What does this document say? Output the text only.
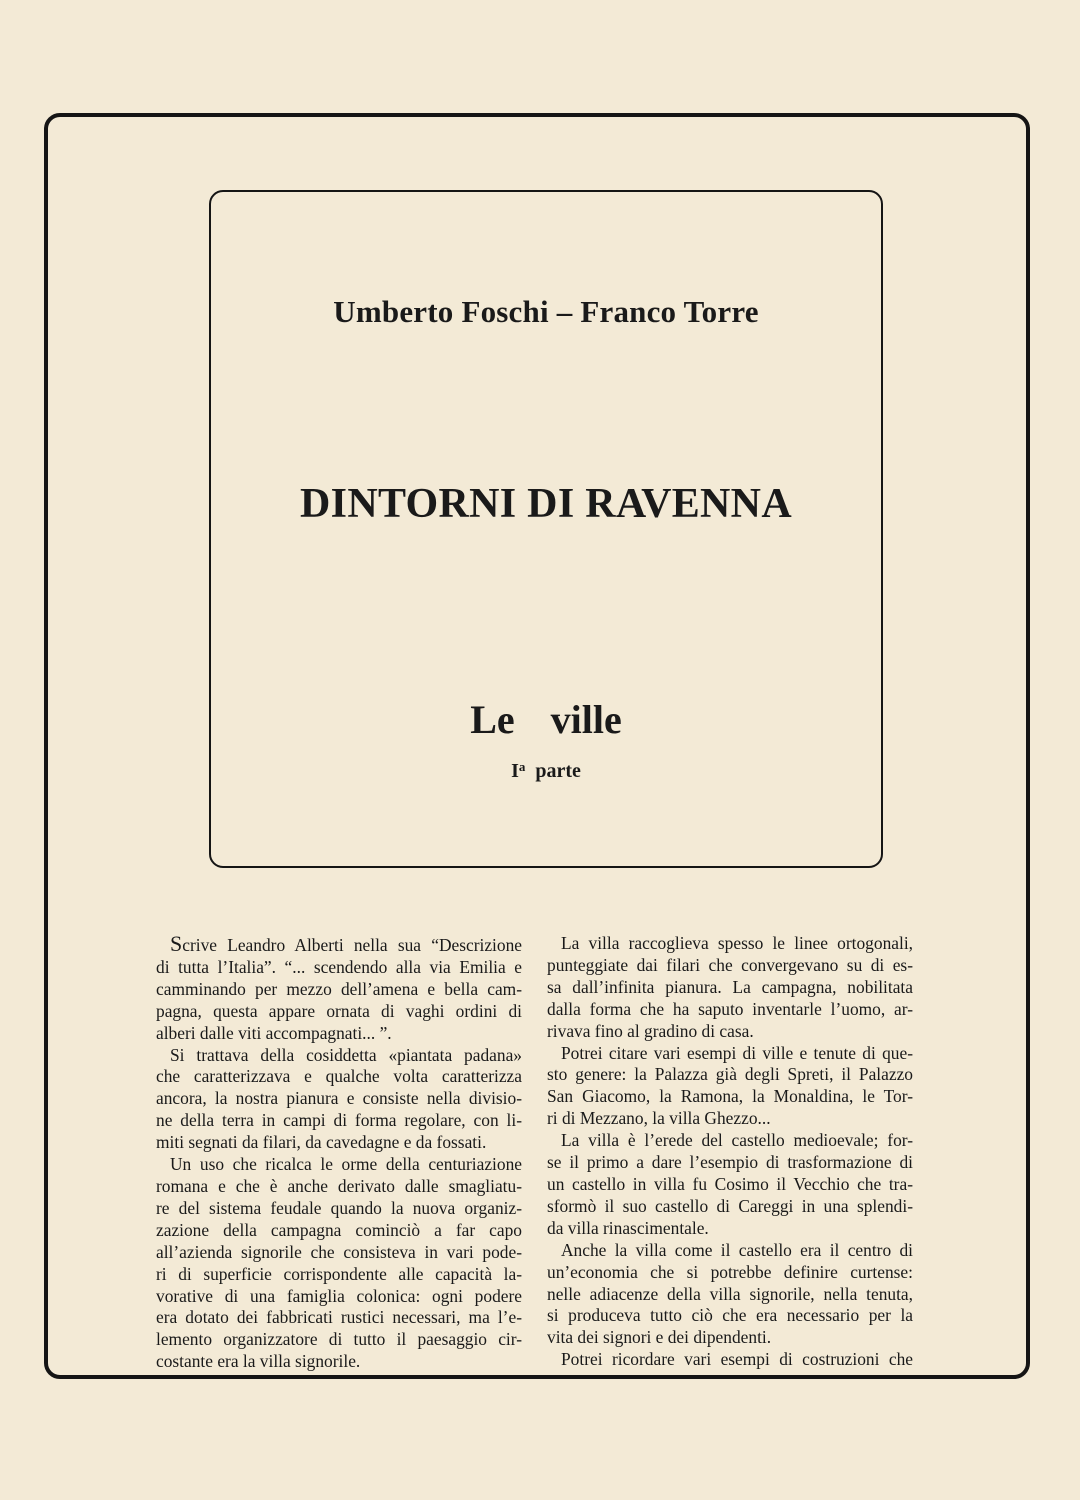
Umberto Foschi – Franco Torre
DINTORNI DI RAVENNA
Le  ville
$I^a$ parte
Scrive Leandro Alberti nella sua “Descrizione
di tutta l’Italia”. “... scendendo alla via Emilia e
camminando per mezzo dell’amena e bella cam-
pagna, questa appare ornata di vaghi ordini di
alberi dalle viti accompagnati... ”.
Si trattava della cosiddetta «piantata padana»
che caratterizzava e qualche volta caratterizza
ancora, la nostra pianura e consiste nella divisio-
ne della terra in campi di forma regolare, con li-
miti segnati da filari, da cavedagne e da fossati.
Un uso che ricalca le orme della centuriazione
romana e che è anche derivato dalle smagliatu-
re del sistema feudale quando la nuova organiz-
zazione della campagna cominciò a far capo
all’azienda signorile che consisteva in vari pode-
ri di superficie corrispondente alle capacità la-
vorative di una famiglia colonica: ogni podere
era dotato dei fabbricati rustici necessari, ma l’e-
lemento organizzatore di tutto il paesaggio cir-
costante era la villa signorile.
La villa raccoglieva spesso le linee ortogonali,
punteggiate dai filari che convergevano su di es-
sa dall’infinita pianura. La campagna, nobilitata
dalla forma che ha saputo inventarle l’uomo, ar-
rivava fino al gradino di casa.
Potrei citare vari esempi di ville e tenute di que-
sto genere: la Palazza già degli Spreti, il Palazzo
San Giacomo, la Ramona, la Monaldina, le Tor-
ri di Mezzano, la villa Ghezzo...
La villa è l’erede del castello medioevale; for-
se il primo a dare l’esempio di trasformazione di
un castello in villa fu Cosimo il Vecchio che tra-
sformò il suo castello di Careggi in una splendi-
da villa rinascimentale.
Anche la villa come il castello era il centro di
un’economia che si potrebbe definire curtense:
nelle adiacenze della villa signorile, nella tenuta,
si produceva tutto ciò che era necessario per la
vita dei signori e dei dipendenti.
Potrei ricordare vari esempi di costruzioni che
